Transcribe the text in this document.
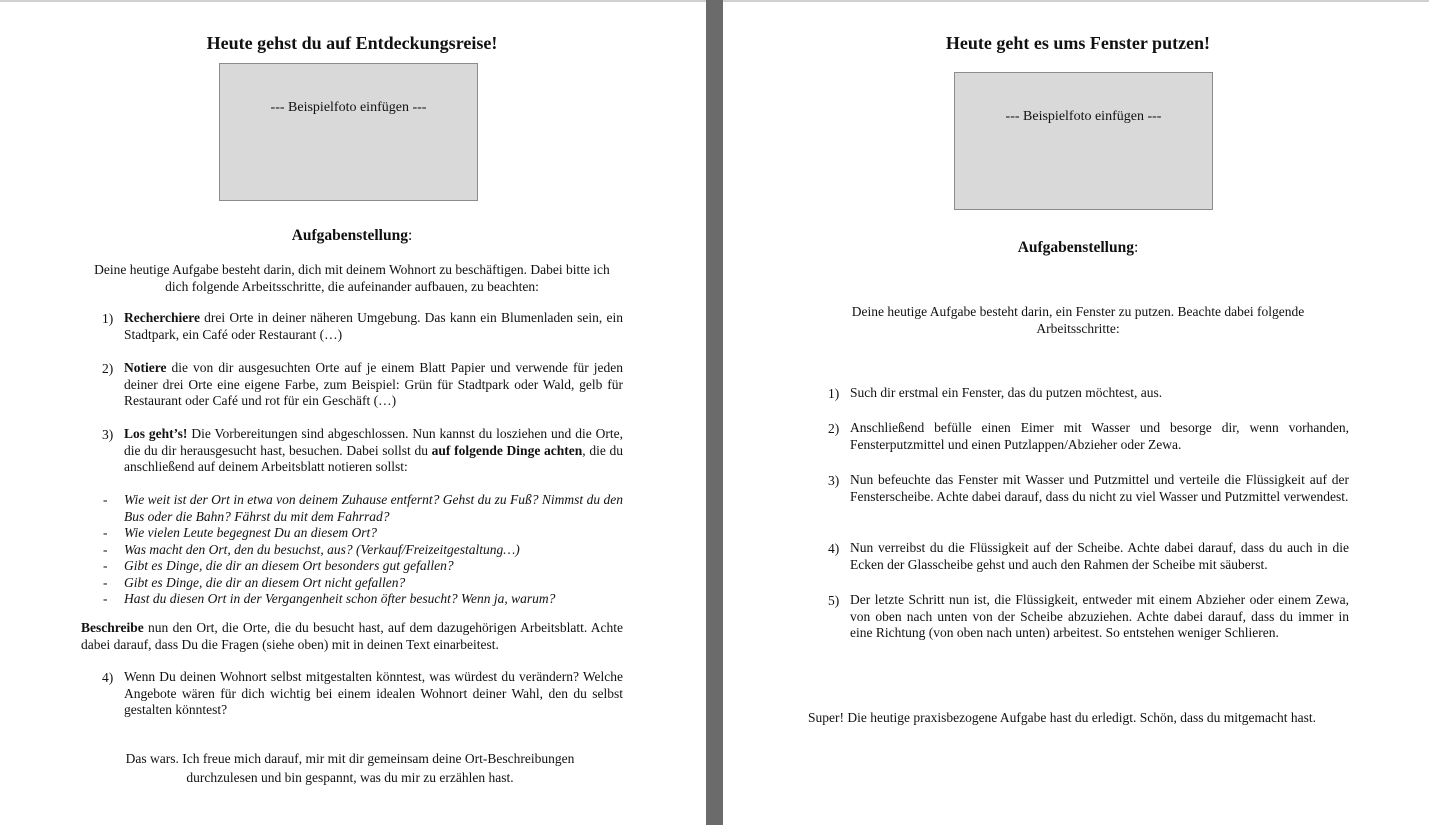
Heute gehst du auf Entdeckungsreise!
--- Beispielfoto einfügen ---
Aufgabenstellung:

Deine heutige Aufgabe besteht darin, dich mit deinem Wohnort zu beschäftigen. Dabei bitte ich dich folgende Arbeitsschritte, die aufeinander aufbauen, zu beachten:

1) Recherchiere drei Orte in deiner näheren Umgebung. Das kann ein Blumenladen sein, ein Stadtpark, ein Café oder Restaurant (…)
2) Notiere die von dir ausgesuchten Orte auf je einem Blatt Papier und verwende für jeden deiner drei Orte eine eigene Farbe, zum Beispiel: Grün für Stadtpark oder Wald, gelb für Restaurant oder Café und rot für ein Geschäft (…)
3) Los geht’s! Die Vorbereitungen sind abgeschlossen. Nun kannst du losziehen und die Orte, die du dir herausgesucht hast, besuchen. Dabei sollst du auf folgende Dinge achten, die du anschließend auf deinem Arbeitsblatt notieren sollst:
- Wie weit ist der Ort in etwa von deinem Zuhause entfernt? Gehst du zu Fuß? Nimmst du den Bus oder die Bahn? Fährst du mit dem Fahrrad?
- Wie vielen Leute begegnest Du an diesem Ort?
- Was macht den Ort, den du besuchst, aus? (Verkauf/Freizeitgestaltung…)
- Gibt es Dinge, die dir an diesem Ort besonders gut gefallen?
- Gibt es Dinge, die dir an diesem Ort nicht gefallen?
- Hast du diesen Ort in der Vergangenheit schon öfter besucht? Wenn ja, warum?
Beschreibe nun den Ort, die Orte, die du besucht hast, auf dem dazugehörigen Arbeitsblatt. Achte dabei darauf, dass Du die Fragen (siehe oben) mit in deinen Text einarbeitest.
4) Wenn Du deinen Wohnort selbst mitgestalten könntest, was würdest du verändern? Welche Angebote wären für dich wichtig bei einem idealen Wohnort deiner Wahl, den du selbst gestalten könntest?

Das wars. Ich freue mich darauf, mir mit dir gemeinsam deine Ort-Beschreibungen durchzulesen und bin gespannt, was du mir zu erzählen hast.

Heute geht es ums Fenster putzen!
--- Beispielfoto einfügen ---
Aufgabenstellung:

Deine heutige Aufgabe besteht darin, ein Fenster zu putzen. Beachte dabei folgende Arbeitsschritte:

1) Such dir erstmal ein Fenster, das du putzen möchtest, aus.
2) Anschließend befülle einen Eimer mit Wasser und besorge dir, wenn vorhanden, Fensterputzmittel und einen Putzlappen/Abzieher oder Zewa.
3) Nun befeuchte das Fenster mit Wasser und Putzmittel und verteile die Flüssigkeit auf der Fensterscheibe. Achte dabei darauf, dass du nicht zu viel Wasser und Putzmittel verwendest.
4) Nun verreibst du die Flüssigkeit auf der Scheibe. Achte dabei darauf, dass du auch in die Ecken der Glasscheibe gehst und auch den Rahmen der Scheibe mit säuberst.
5) Der letzte Schritt nun ist, die Flüssigkeit, entweder mit einem Abzieher oder einem Zewa, von oben nach unten von der Scheibe abzuziehen. Achte dabei darauf, dass du immer in eine Richtung (von oben nach unten) arbeitest. So entstehen weniger Schlieren.

Super! Die heutige praxisbezogene Aufgabe hast du erledigt. Schön, dass du mitgemacht hast.
